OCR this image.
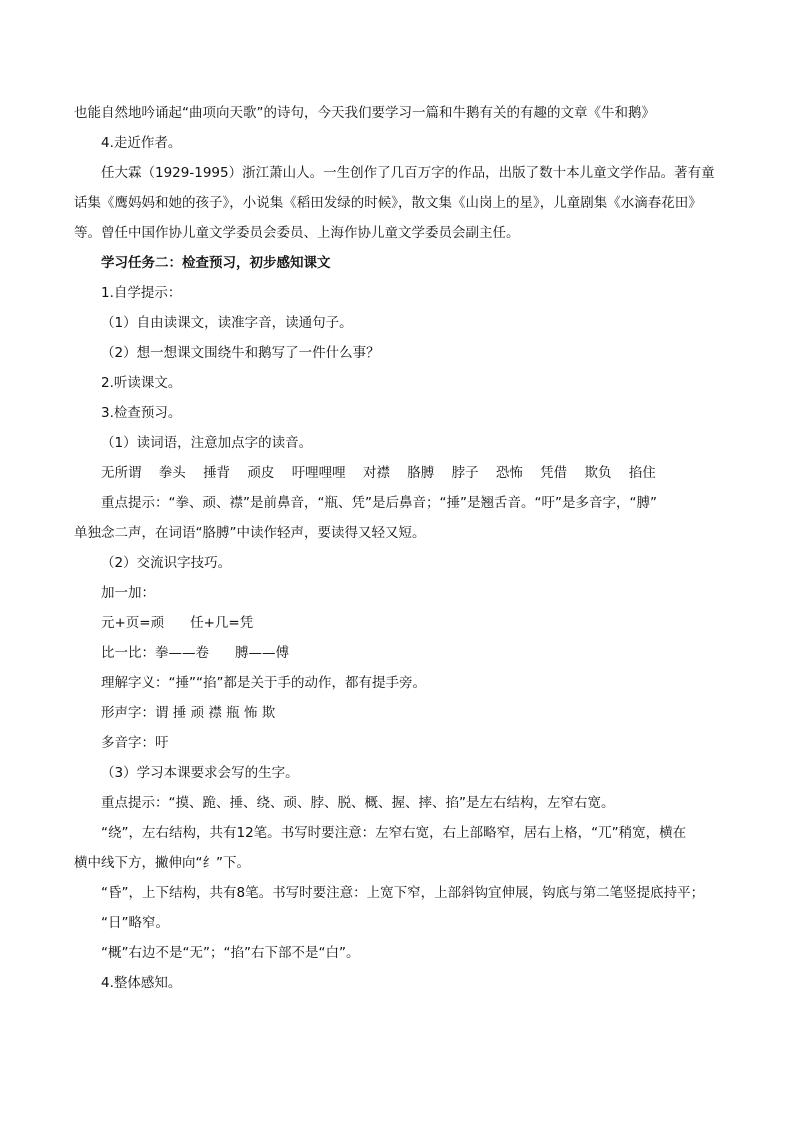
也能自然地吟诵起“曲项向天歌”的诗句，今天我们要学习一篇和牛鹅有关的有趣的文章《牛和鹅》
4.走近作者。
任大霖（1929-1995）浙江萧山人。一生创作了几百万字的作品，出版了数十本儿童文学作品。著有童
话集《鹰妈妈和她的孩子》，小说集《稻田发绿的时候》，散文集《山岗上的星》，儿童剧集《水滴春花田》
等。曾任中国作协儿童文学委员会委员、上海作协儿童文学委员会副主任。
学习任务二：检查预习，初步感知课文
1.自学提示：
（1）自由读课文，读准字音，读通句子。
（2）想一想课文围绕牛和鹅写了一件什么事？
2.听读课文。
3.检查预习。
（1）读词语，注意加点字的读音。
无所谓 拳头 捶背 顽皮 吁哩哩哩 对襟 胳膊 脖子 恐怖 凭借 欺负 掐住
重点提示：“拳、顽、襟”是前鼻音，“瓶、凭”是后鼻音；“捶”是翘舌音。“吁”是多音字，“膊”
单独念二声，在词语“胳膊”中读作轻声，要读得又轻又短。
（2）交流识字技巧。
加一加：
元+页=顽 任+几=凭
比一比：拳——卷 膊——傅
理解字义：“捶”“掐”都是关于手的动作，都有提手旁。
形声字：谓 捶 顽 襟 瓶 怖 欺
多音字：吁
（3）学习本课要求会写的生字。
重点提示：“摸、跪、捶、绕、顽、脖、脱、概、握、摔、掐”是左右结构，左窄右宽。
“绕”，左右结构，共有12笔。书写时要注意：左窄右宽，右上部略窄，居右上格，“兀”稍宽，横在
横中线下方，撇伸向“纟”下。
“昏”，上下结构，共有8笔。书写时要注意：上宽下窄，上部斜钩宜伸展，钩底与第二笔竖提底持平；
“日”略窄。
“概”右边不是“无”；“掐”右下部不是“白”。
4.整体感知。
